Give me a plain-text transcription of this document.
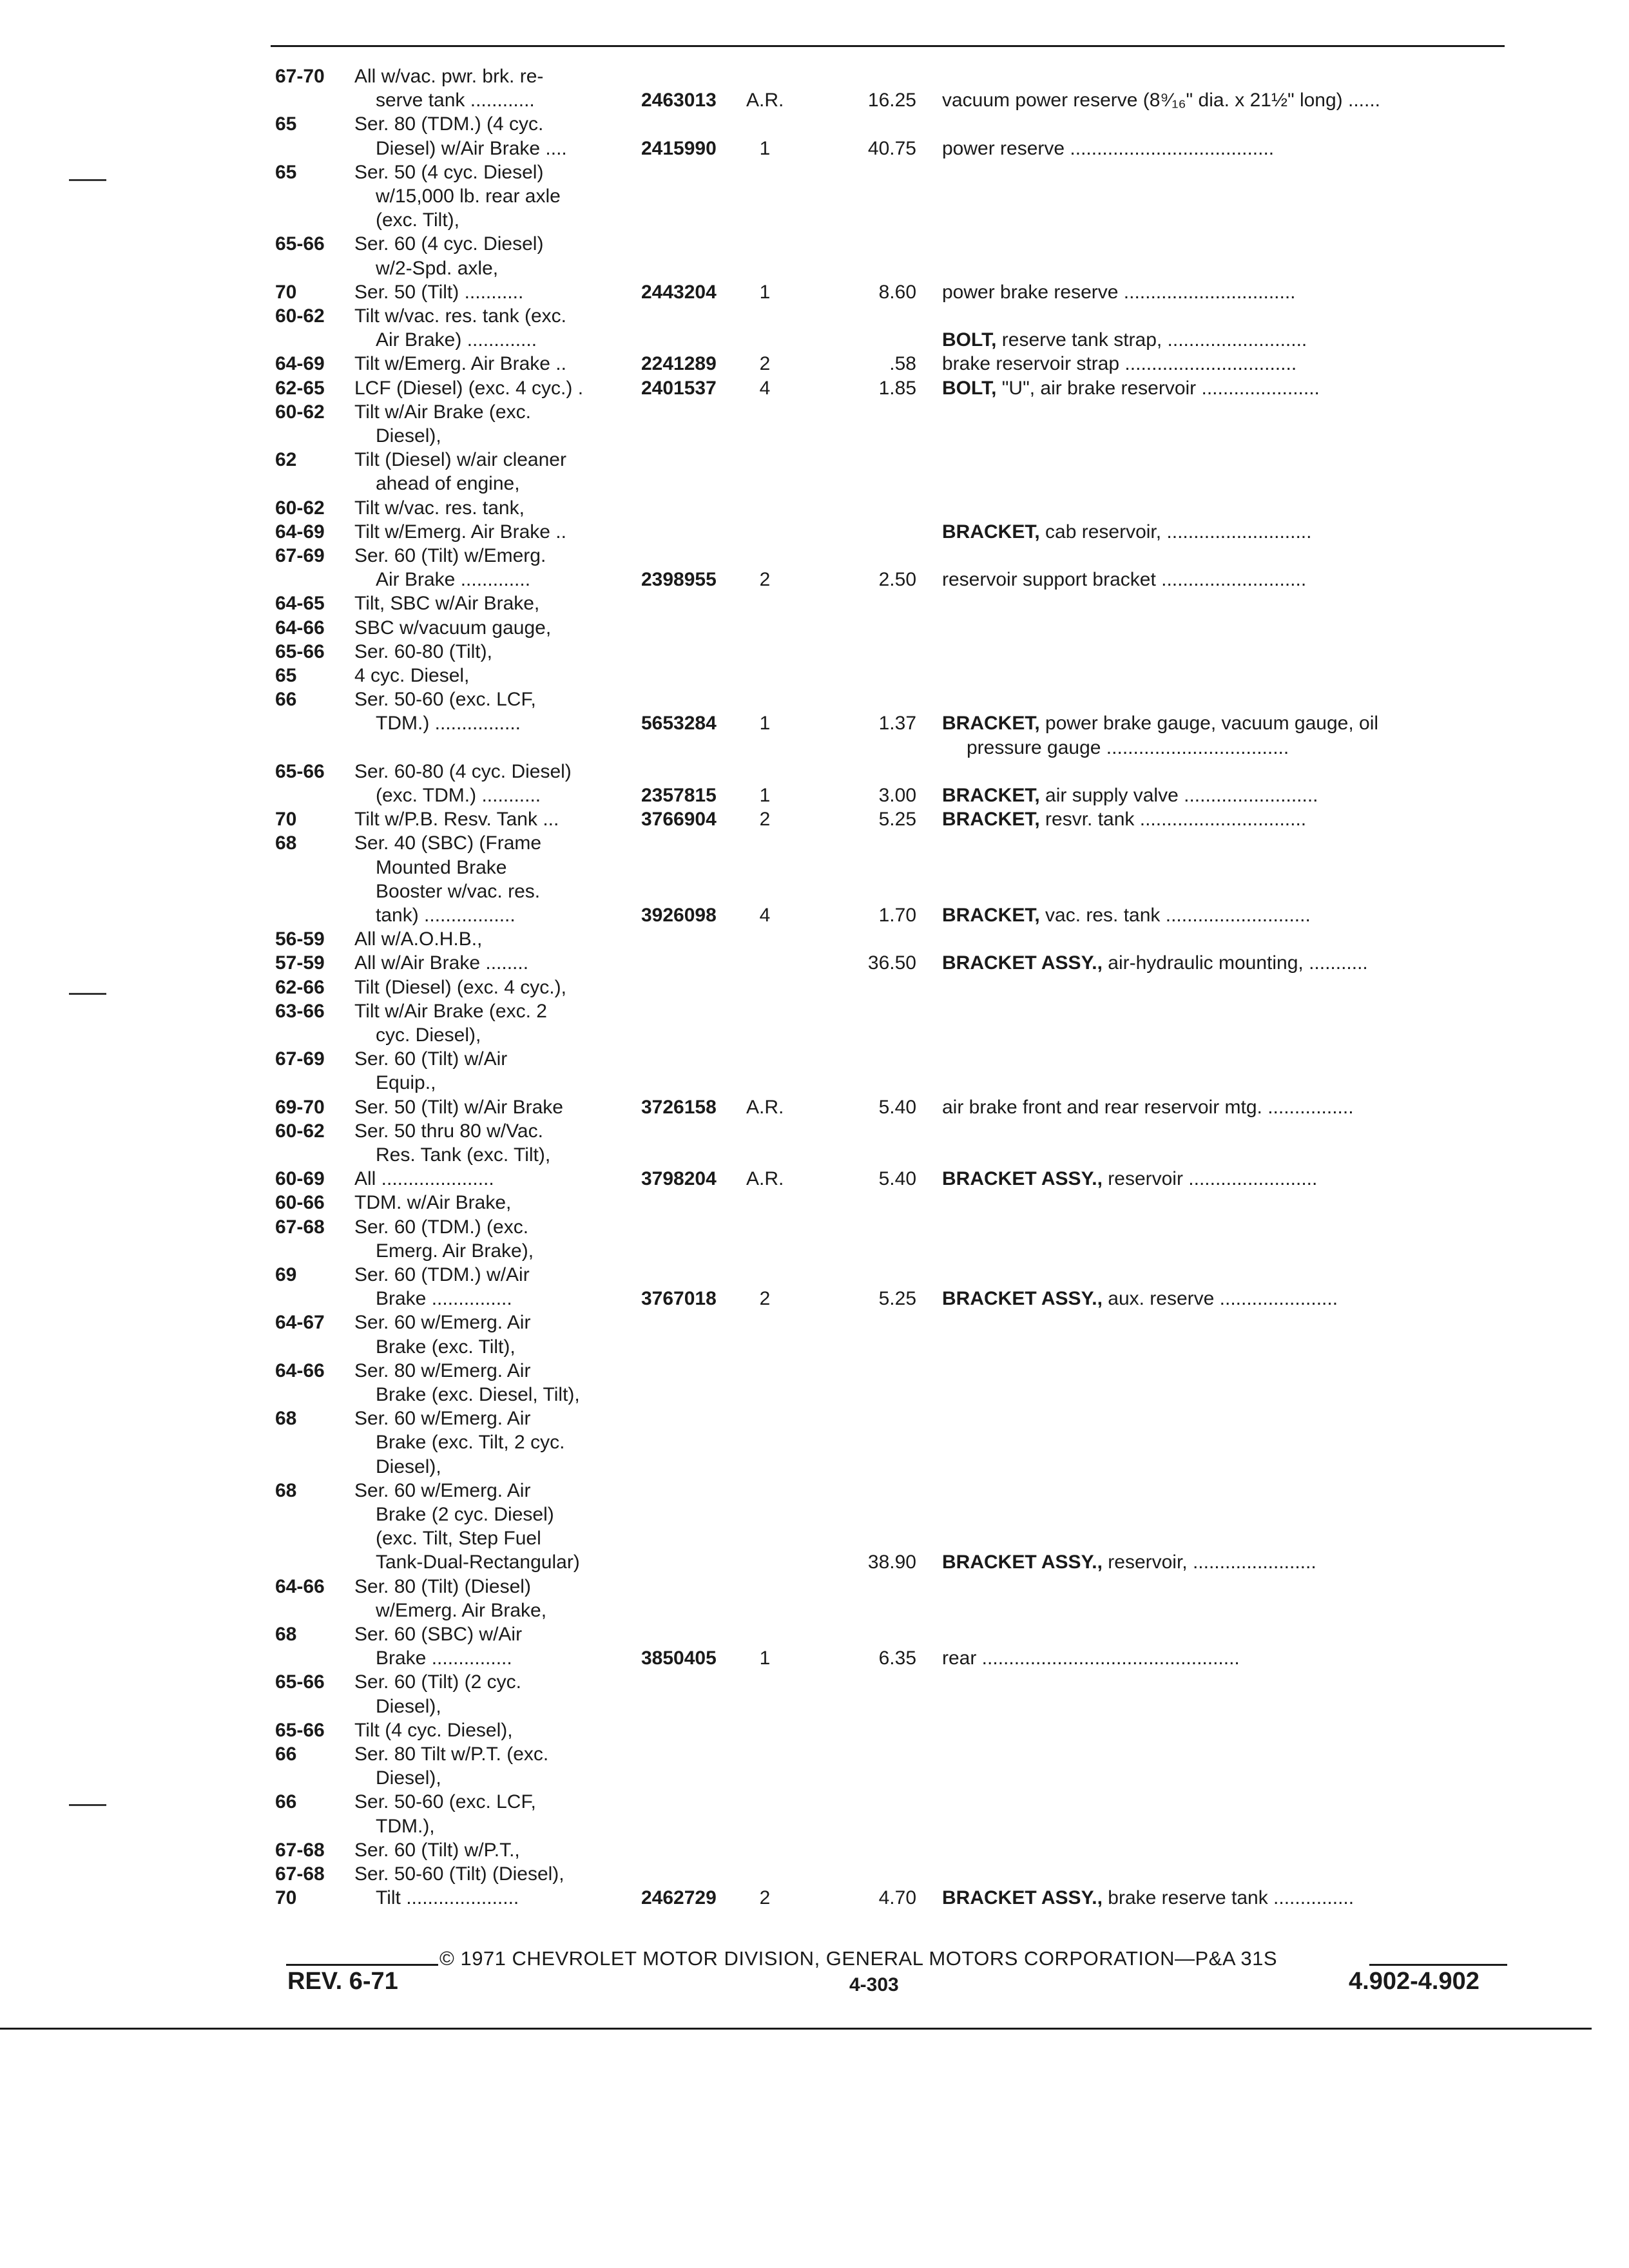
67-70 All w/vac. pwr. brk. re-
serve tank ............	2463013 A.R.	16.25 vacuum power reserve (8⁹⁄₁₆" dia. x 21½" long) ......
65	Ser. 80 (TDM.) (4 cyc.
Diesel) w/Air Brake ....	2415990	1	40.75 power reserve ......................................
65	Ser. 50 (4 cyc. Diesel)
w/15,000 lb. rear axle
(exc. Tilt),
65-66 Ser. 60 (4 cyc. Diesel)
w/2-Spd. axle,
70	Ser. 50 (Tilt) ...........	2443204	1	8.60 power brake reserve ................................
60-62 Tilt w/vac. res. tank (exc.
Air Brake) .............	BOLT, reserve tank strap, ..........................
64-69 Tilt w/Emerg. Air Brake ..	2241289	2	.58 brake reservoir strap ................................
62-65 LCF (Diesel) (exc. 4 cyc.) .	2401537	4	1.85 BOLT, "U", air brake reservoir ......................
60-62 Tilt w/Air Brake (exc.
Diesel),
62	Tilt (Diesel) w/air cleaner
ahead of engine,
60-62 Tilt w/vac. res. tank,
64-69 Tilt w/Emerg. Air Brake ..	BRACKET, cab reservoir, ...........................
67-69 Ser. 60 (Tilt) w/Emerg.
Air Brake .............	2398955	2	2.50 reservoir support bracket ...........................
64-65 Tilt, SBC w/Air Brake,
64-66 SBC w/vacuum gauge,
65-66 Ser. 60-80 (Tilt),
65	4 cyc. Diesel,
66	Ser. 50-60 (exc. LCF,
TDM.) ................	5653284	1	1.37 BRACKET, power brake gauge, vacuum gauge, oil
pressure gauge ..................................
65-66 Ser. 60-80 (4 cyc. Diesel)
(exc. TDM.) ...........	2357815	1	3.00 BRACKET, air supply valve .........................
70	Tilt w/P.B. Resv. Tank ...	3766904	2	5.25 BRACKET, resvr. tank ...............................
68	Ser. 40 (SBC) (Frame
Mounted Brake
Booster w/vac. res.
tank) .................	3926098	4	1.70 BRACKET, vac. res. tank ...........................
56-59 All w/A.O.H.B.,
57-59 All w/Air Brake ........	36.50 BRACKET ASSY., air-hydraulic mounting, ...........
62-66 Tilt (Diesel) (exc. 4 cyc.),
63-66 Tilt w/Air Brake (exc. 2
cyc. Diesel),
67-69 Ser. 60 (Tilt) w/Air
Equip.,
69-70 Ser. 50 (Tilt) w/Air Brake	3726158 A.R.	5.40 air brake front and rear reservoir mtg. ................
60-62 Ser. 50 thru 80 w/Vac.
Res. Tank (exc. Tilt),
60-69 All .....................	3798204 A.R.	5.40 BRACKET ASSY., reservoir ........................
60-66 TDM. w/Air Brake,
67-68 Ser. 60 (TDM.) (exc.
Emerg. Air Brake),
69	Ser. 60 (TDM.) w/Air
Brake ...............	3767018	2	5.25 BRACKET ASSY., aux. reserve ......................
64-67 Ser. 60 w/Emerg. Air
Brake (exc. Tilt),
64-66 Ser. 80 w/Emerg. Air
Brake (exc. Diesel, Tilt),
68	Ser. 60 w/Emerg. Air
Brake (exc. Tilt, 2 cyc.
Diesel),
68	Ser. 60 w/Emerg. Air
Brake (2 cyc. Diesel)
(exc. Tilt, Step Fuel
Tank-Dual-Rectangular)	38.90 BRACKET ASSY., reservoir, .......................
64-66 Ser. 80 (Tilt) (Diesel)
w/Emerg. Air Brake,
68	Ser. 60 (SBC) w/Air
Brake ...............	3850405	1	6.35 rear ................................................
65-66 Ser. 60 (Tilt) (2 cyc.
Diesel),
65-66 Tilt (4 cyc. Diesel),
66	Ser. 80 Tilt w/P.T. (exc.
Diesel),
66	Ser. 50-60 (exc. LCF,
TDM.),
67-68 Ser. 60 (Tilt) w/P.T.,
67-68 Ser. 50-60 (Tilt) (Diesel),
70	Tilt .....................	2462729	2	4.70 BRACKET ASSY., brake reserve tank ...............
© 1971 CHEVROLET MOTOR DIVISION, GENERAL MOTORS CORPORATION—P&A 31S
REV. 6-71	4-303	4.902-4.902
